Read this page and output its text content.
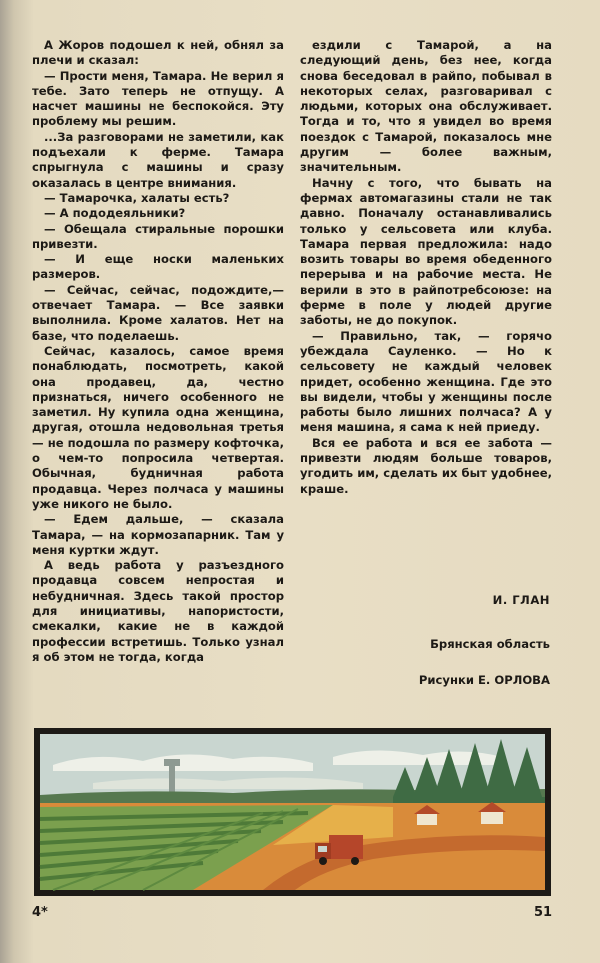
А Жоров подошел к ней, обнял за плечи и сказал:

— Прости меня, Тамара. Не верил я тебе. Зато теперь не отпущу. А насчет машины не беспокойся. Эту проблему мы решим.

...За разговорами не заметили, как подъехали к ферме. Тамара спрыгнула с машины и сразу оказалась в центре внимания.

— Тамарочка, халаты есть?

— А пододеяльники?

— Обещала стиральные порошки привезти.

— И еще носки маленьких размеров.

— Сейчас, сейчас, подождите,— отвечает Тамара. — Все заявки выполнила. Кроме халатов. Нет на базе, что поделаешь.

Сейчас, казалось, самое время понаблюдать, посмотреть, какой она продавец, да, честно признаться, ничего особенного не заметил. Ну купила одна женщина, другая, отошла недовольная третья — не подошла по размеру кофточка, о чем-то попросила четвертая. Обычная, будничная работа продавца. Через полчаса у машины уже никого не было.

— Едем дальше, — сказала Тамара, — на кормозапарник. Там у меня куртки ждут.

А ведь работа у разъездного продавца совсем непростая и небудничная. Здесь такой простор для инициативы, напористости, смекалки, какие не в каждой професcии встретишь. Только узнал я об этом не тогда, когда

ездили с Тамарой, а на следующий день, без нее, когда снова беседовал в райпо, побывал в некоторых селах, разговаривал с людьми, которых она обслуживает. Тогда и то, что я увидел во время поездок с Тамарой, показалось мне другим — более важным, значительным.

Начну с того, что бывать на фермах автомагазины стали не так давно. Поначалу останавливались только у сельсовета или клуба. Тамара первая предложила: надо возить товары во время обеденного перерыва и на рабочие места. Не верили в это в райпотребсоюзе: на ферме в поле у людей другие заботы, не до покупок.

— Правильно, так, — горячо убеждала Сауленко. — Но к сельсовету не каждый человек придет, особенно женщина. Где это вы видели, чтобы у женщины после работы было лишних полчаса? А у меня машина, я сама к ней приеду.

Вся ее работа и вся ее забота — привезти людям больше товаров, угодить им, сделать их быт удобнее, краше.

И. ГЛАН
Брянская область
Рисунки Е. ОРЛОВА
4*	51
